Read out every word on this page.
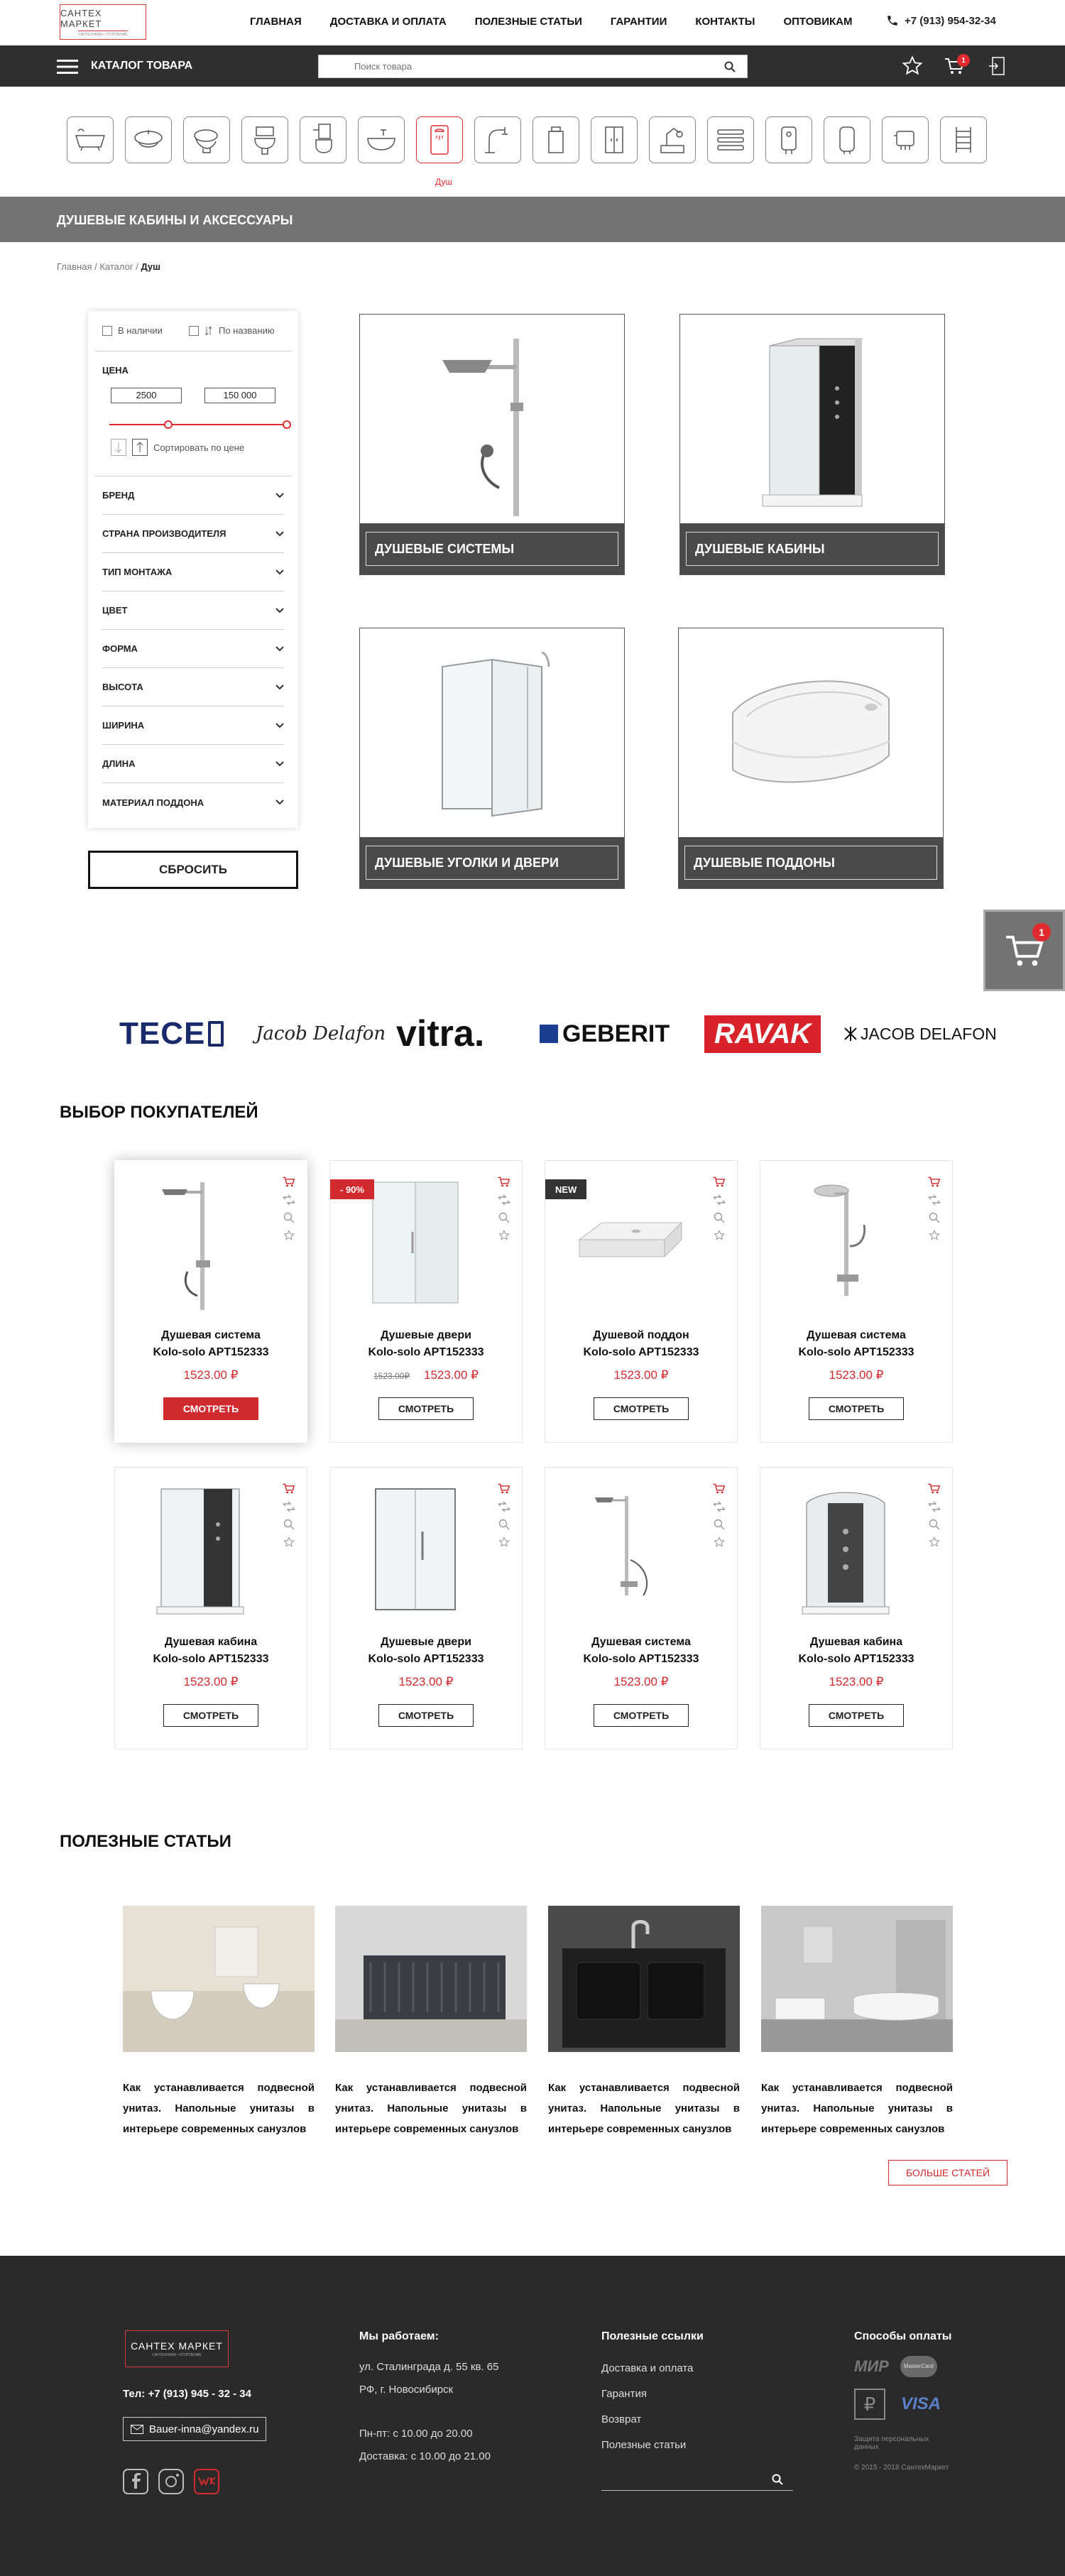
САНТЕХ МАРКЕТ
САНТЕХНИКА • ОТОПЛЕНИЕ
ГЛАВНАЯ	ДОСТАВКА И ОПЛАТА	ПОЛЕЗНЫЕ СТАТЬИ	ГАРАНТИИ	КОНТАКТЫ	ОПТОВИКАМ	+7 (913) 954-32-34
КАТАЛОГ ТОВАРА
Поиск товара	1
Душ
ДУШЕВЫЕ КАБИНЫ И АКСЕССУАРЫ
Главная / Каталог / Душ
В наличии	По названию
ЦЕНА
2500	150 000
Сортировать по цене
БРЕНД
СТРАНА ПРОИЗВОДИТЕЛЯ
ТИП МОНТАЖА
ЦВЕТ
ФОРМА
ВЫСОТА
ШИРИНА
ДЛИНА
МАТЕРИАЛ ПОДДОНА
СБРОСИТЬ
ДУШЕВЫЕ СИСТЕМЫ	ДУШЕВЫЕ КАБИНЫ
ДУШЕВЫЕ УГОЛКИ И ДВЕРИ	ДУШЕВЫЕ ПОДДОНЫ
1
TECE	Jacob Delafon vitra.	GEBERIT	RAVAK	JACOB DELAFON
ВЫБОР ПОКУПАТЕЛЕЙ
Душевая система
Kolo-solo APT152333
1523.00 ₽
СМОТРЕТЬ
- 90%
Душевые двери
Kolo-solo APT152333
1523.00₽ 1523.00 ₽
СМОТРЕТЬ
NEW
Душевой поддон
Kolo-solo APT152333
1523.00 ₽
СМОТРЕТЬ
Душевая система
Kolo-solo APT152333
1523.00 ₽
СМОТРЕТЬ
Душевая кабина
Kolo-solo APT152333
1523.00 ₽
СМОТРЕТЬ
Душевые двери
Kolo-solo APT152333
1523.00 ₽
СМОТРЕТЬ
Душевая система
Kolo-solo APT152333
1523.00 ₽
СМОТРЕТЬ
Душевая кабина
Kolo-solo APT152333
1523.00 ₽
СМОТРЕТЬ
ПОЛЕЗНЫЕ СТАТЬИ
Как устанавливается подвесной унитаз. Напольные унитазы в интерьере современных санузлов
Как устанавливается подвесной унитаз. Напольные унитазы в интерьере современных санузлов
Как устанавливается подвесной унитаз. Напольные унитазы в интерьере современных санузлов
Как устанавливается подвесной унитаз. Напольные унитазы в интерьере современных санузлов
БОЛЬШЕ СТАТЕЙ
САНТЕХ МАРКЕТ
САНТЕХНИКА • ОТОПЛЕНИЕ
Тел: +7 (913) 945 - 32 - 34
Bauer-inna@yandex.ru
Мы работаем:

ул. Сталинграда д. 55 кв. 65

РФ, г. Новосибирск

Пн-пт: с 10.00 до 20.00

Доставка: с 10.00 до 21.00

Полезные ссылки

Доставка и оплата

Гарантия

Возврат

Полезные статьи

Способы оплаты
МИР	MasterCard
₽	VISA
Защита персональных данных
© 2015 - 2018 СантехМаркет
